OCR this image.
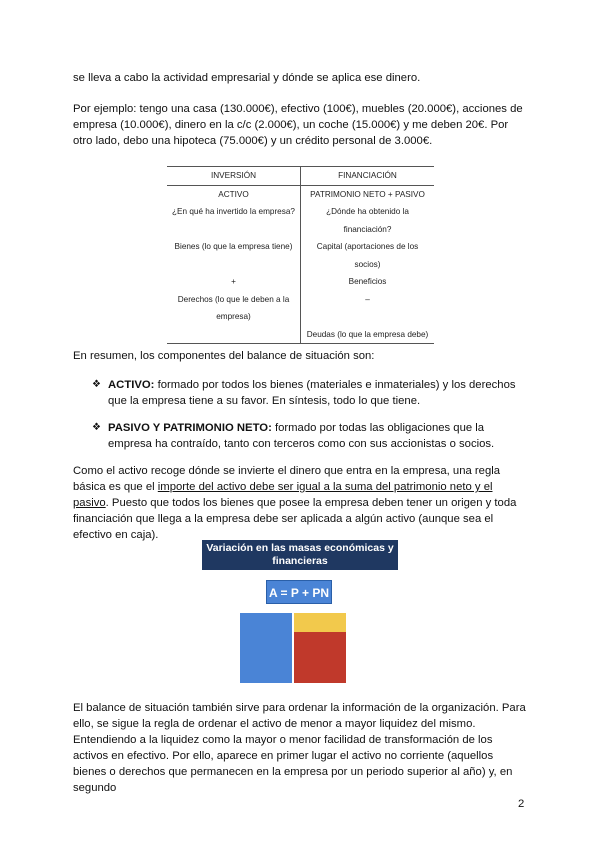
se lleva a cabo la actividad empresarial y dónde se aplica ese dinero.

Por ejemplo: tengo una casa (130.000€), efectivo (100€), muebles (20.000€), acciones de empresa (10.000€), dinero en la c/c (2.000€), un coche (15.000€) y me deben 20€. Por otro lado, debo una hipoteca (75.000€) y un crédito personal de 3.000€.

INVERSIÓN	FINANCIACIÓN
ACTIVO	PATRIMONIO NETO + PASIVO
¿En qué ha invertido la empresa?	¿Dónde ha obtenido la financiación?
Bienes (lo que la empresa tiene)	Capital (aportaciones de los socios)
+	Beneficios
Derechos (lo que le deben a la empresa)	–
	Deudas (lo que la empresa debe)

En resumen, los componentes del balance de situación son:

❖ ACTIVO: formado por todos los bienes (materiales e inmateriales) y los derechos que la empresa tiene a su favor. En síntesis, todo lo que tiene.

❖ PASIVO Y PATRIMONIO NETO: formado por todas las obligaciones que la empresa ha contraído, tanto con terceros como con sus accionistas o socios.

Como el activo recoge dónde se invierte el dinero que entra en la empresa, una regla básica es que el importe del activo debe ser igual a la suma del patrimonio neto y el pasivo. Puesto que todos los bienes que posee la empresa deben tener un origen y toda financiación que llega a la empresa debe ser aplicada a algún activo (aunque sea el efectivo en caja).

Variación en las masas económicas y financieras
A = P + PN

El balance de situación también sirve para ordenar la información de la organización. Para ello, se sigue la regla de ordenar el activo de menor a mayor liquidez del mismo. Entendiendo a la liquidez como la mayor o menor facilidad de transformación de los activos en efectivo. Por ello, aparece en primer lugar el activo no corriente (aquellos bienes o derechos que permanecen en la empresa por un periodo superior al año) y, en segundo

2
